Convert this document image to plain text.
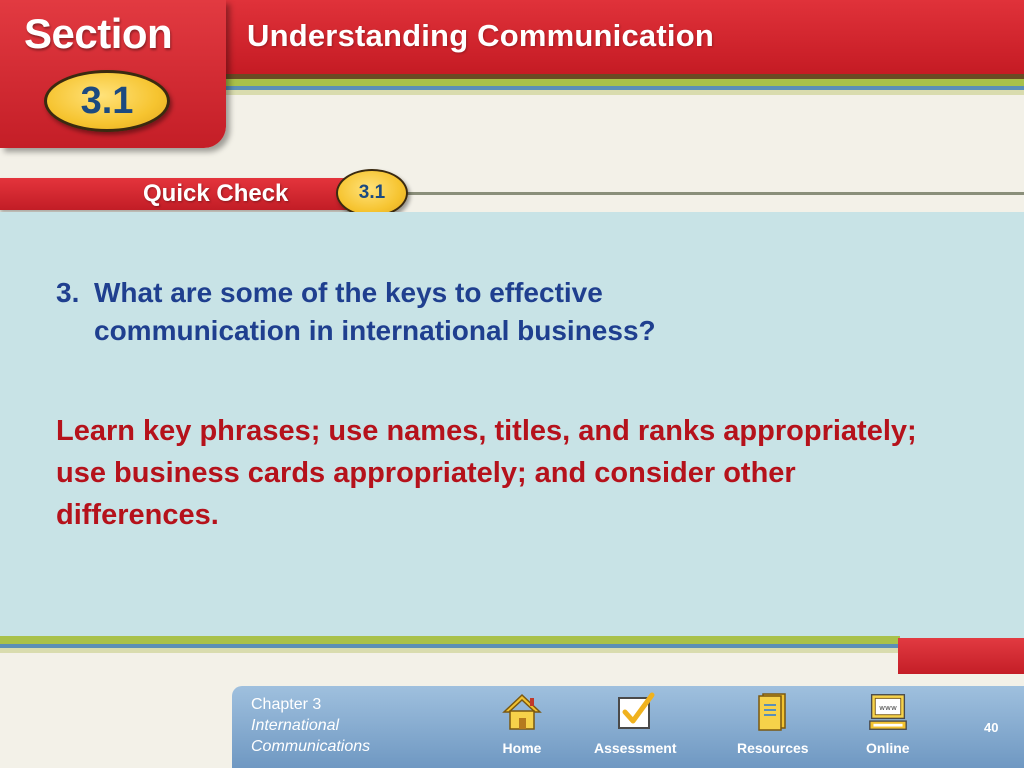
Section
3.1
Understanding Communication
Quick Check	3.1
3. What are some of the keys to effective communication in international business?
Learn key phrases; use names, titles, and ranks appropriately; use business cards appropriately; and consider other differences.
Chapter 3
International
Communications	Home	Assessment	Resources
www
Online
40
